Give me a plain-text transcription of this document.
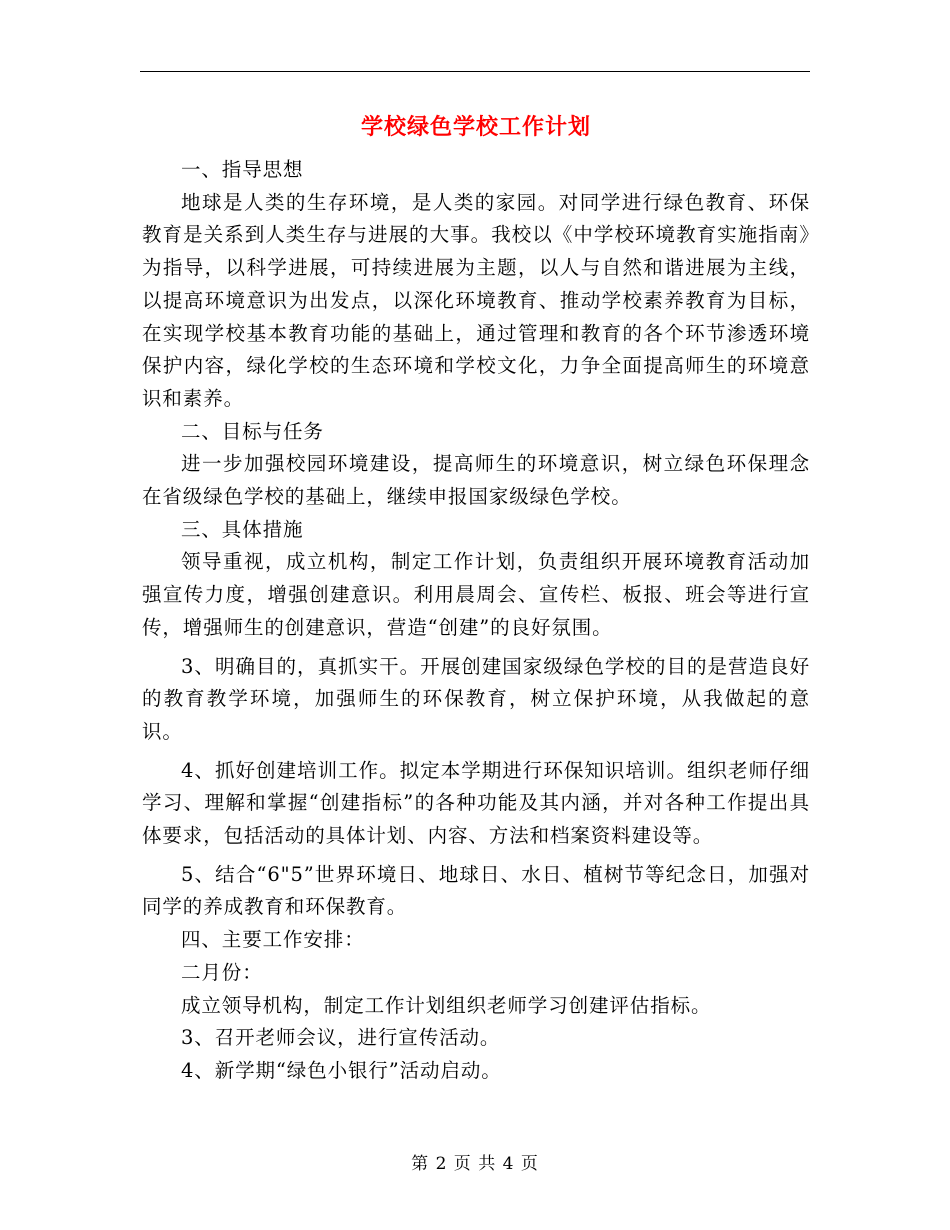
学校绿色学校工作计划

一、指导思想

地球是人类的生存环境，是人类的家园。对同学进行绿色教育、环保教育是关系到人类生存与进展的大事。我校以《中学校环境教育实施指南》为指导，以科学进展，可持续进展为主题，以人与自然和谐进展为主线，以提高环境意识为出发点，以深化环境教育、推动学校素养教育为目标，在实现学校基本教育功能的基础上，通过管理和教育的各个环节渗透环境保护内容，绿化学校的生态环境和学校文化，力争全面提高师生的环境意识和素养。

二、目标与任务

进一步加强校园环境建设，提高师生的环境意识，树立绿色环保理念在省级绿色学校的基础上，继续申报国家级绿色学校。

三、具体措施

领导重视，成立机构，制定工作计划，负责组织开展环境教育活动加强宣传力度，增强创建意识。利用晨周会、宣传栏、板报、班会等进行宣传，增强师生的创建意识，营造“创建”的良好氛围。

3、明确目的，真抓实干。开展创建国家级绿色学校的目的是营造良好的教育教学环境，加强师生的环保教育，树立保护环境，从我做起的意识。

4、抓好创建培训工作。拟定本学期进行环保知识培训。组织老师仔细学习、理解和掌握“创建指标”的各种功能及其内涵，并对各种工作提出具体要求，包括活动的具体计划、内容、方法和档案资料建设等。

5、结合“6"5”世界环境日、地球日、水日、植树节等纪念日，加强对同学的养成教育和环保教育。

四、主要工作安排：

二月份：

成立领导机构，制定工作计划组织老师学习创建评估指标。

3、召开老师会议，进行宣传活动。

4、新学期“绿色小银行”活动启动。

第 2 页 共 4 页
